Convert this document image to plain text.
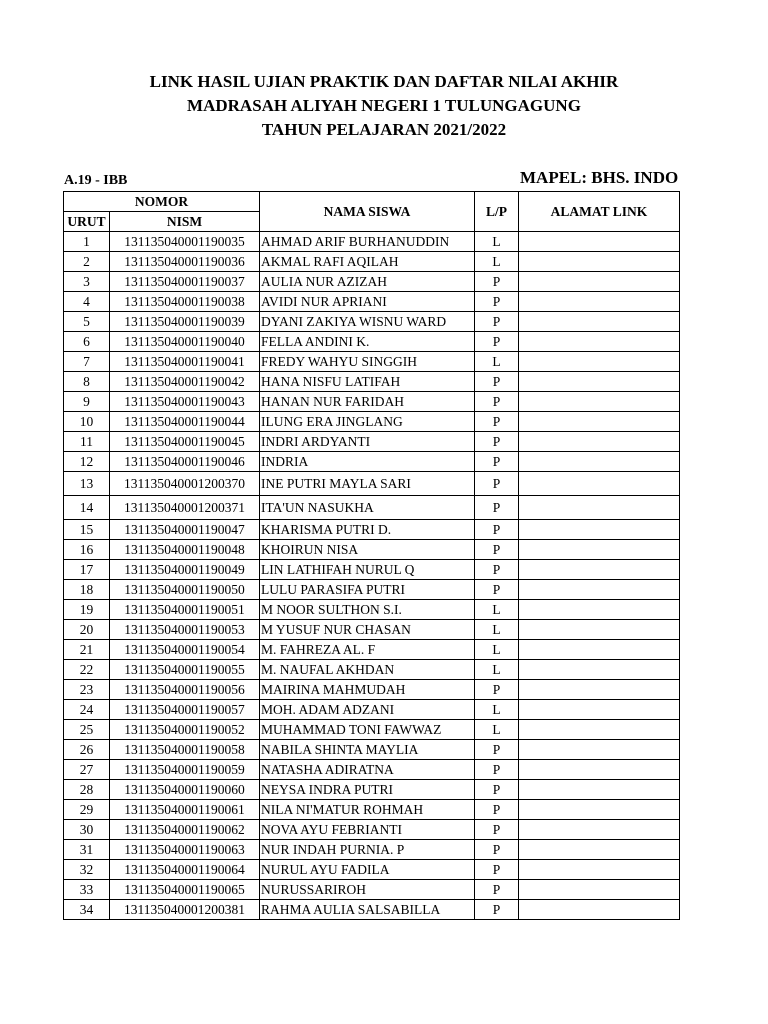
LINK HASIL UJIAN PRAKTIK DAN DAFTAR NILAI AKHIR
MADRASAH ALIYAH NEGERI 1 TULUNGAGUNG
TAHUN PELAJARAN 2021/2022
A.19 - IBB	MAPEL: BHS. INDO
NOMOR		NAMA SISWA	L/P	ALAMAT LINK
URUT	NISM			
1	131135040001190035	AHMAD ARIF BURHANUDDIN	L	
2	131135040001190036	AKMAL RAFI AQILAH	L	
3	131135040001190037	AULIA NUR AZIZAH	P	
4	131135040001190038	AVIDI NUR APRIANI	P	
5	131135040001190039	DYANI ZAKIYA WISNU WARD	P	
6	131135040001190040	FELLA ANDINI K.	P	
7	131135040001190041	FREDY WAHYU SINGGIH	L	
8	131135040001190042	HANA NISFU LATIFAH	P	
9	131135040001190043	HANAN NUR FARIDAH	P	
10	131135040001190044	ILUNG ERA JINGLANG	P	
11	131135040001190045	INDRI ARDYANTI	P	
12	131135040001190046	INDRIA	P	
13	131135040001200370	INE PUTRI MAYLA SARI	P	
14	131135040001200371	ITA'UN NASUKHA	P	
15	131135040001190047	KHARISMA PUTRI D.	P	
16	131135040001190048	KHOIRUN NISA	P	
17	131135040001190049	LIN LATHIFAH NURUL Q	P	
18	131135040001190050	LULU PARASIFA PUTRI	P	
19	131135040001190051	M NOOR SULTHON S.I.	L	
20	131135040001190053	M YUSUF NUR CHASAN	L	
21	131135040001190054	M. FAHREZA AL. F	L	
22	131135040001190055	M. NAUFAL AKHDAN	L	
23	131135040001190056	MAIRINA MAHMUDAH	P	
24	131135040001190057	MOH. ADAM ADZANI	L	
25	131135040001190052	MUHAMMAD TONI FAWWAZ	L	
26	131135040001190058	NABILA SHINTA MAYLIA	P	
27	131135040001190059	NATASHA ADIRATNA	P	
28	131135040001190060	NEYSA INDRA PUTRI	P	
29	131135040001190061	NILA NI'MATUR ROHMAH	P	
30	131135040001190062	NOVA AYU FEBRIANTI	P	
31	131135040001190063	NUR INDAH PURNIA. P	P	
32	131135040001190064	NURUL AYU FADILA	P	
33	131135040001190065	NURUSSARIROH	P	
34	131135040001200381	RAHMA AULIA SALSABILLA	P	
